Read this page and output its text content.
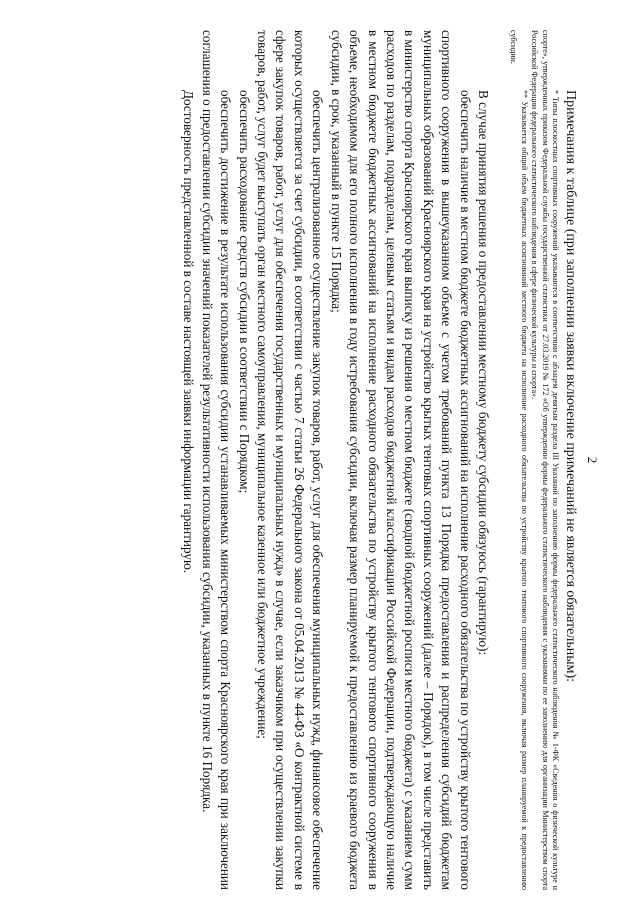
2
Примечания к таблице (при заполнении заявки включение примечаний не является обязательным):

* Типы плоскостных спортивных сооружений указываются в соответствии с абзацем девятым раздела III Указаний по заполнению формы федерального статистического наблюдения № 1-ФК «Сведения о физической культуре и спорте», утвержденных приказом Федеральной службы государственной статистики от 27.03.2019 № 172 «Об утверждении формы федерального статистического наблюдения с указаниями по ее заполнению для организации Министерством спорта Российской Федерации федерального статистического наблюдения в сфере физической культуры и спорта».

** Указывается общий объем бюджетных ассигнований местного бюджета на исполнение расходного обязательства по устройству крытого тентового спортивного сооружения, включая размер планируемой к предоставлению субсидии.

В случае принятия решения о предоставлении местному бюджету субсидии обязуюсь (гарантирую):

обеспечить наличие в местном бюджете бюджетных ассигнований на исполнение расходного обязательства по устройству крытого тентового спортивного сооружения в вышеуказанном объеме с учетом требований пункта 13 Порядка предоставления и распределения субсидий бюджетам муниципальных образований Красноярского края на устройство крытых тентовых спортивных сооружений (далее – Порядок), в том числе представить в министерство спорта Красноярского края выписку из решения о местном бюджете (сводной бюджетной росписи местного бюджета) с указанием сумм расходов по разделам, подразделам, целевым статьям и видам расходов бюджетной классификации Российской Федерации, подтверждающую наличие в местном бюджете бюджетных ассигнований на исполнение расходного обязательства по устройству крытого тентового спортивного сооружения в объеме, необходимом для его полного исполнения в году истребования субсидии, включая размер планируемой к предоставлению из краевого бюджета субсидии, в срок, указанный в пункте 15 Порядка;

обеспечить централизованное осуществление закупок товаров, работ, услуг для обеспечения муниципальных нужд, финансовое обеспечение которых осуществляется за счет субсидии, в соответствии с частью 7 статьи 26 Федерального закона от 05.04.2013 № 44-ФЗ «О контрактной системе в сфере закупок товаров, работ, услуг для обеспечения государственных и муниципальных нужд» в случае, если заказчиком при осуществлении закупки товаров, работ, услуг будет выступать орган местного самоуправления, муниципальное казенное или бюджетное учреждение;

обеспечить расходование средств субсидии в соответствии с Порядком;

обеспечить достижение в результате использования субсидии устанавливаемых министерством спорта Красноярского края при заключении соглашения о предоставлении субсидии значений показателей результативности использования субсидии, указанных в пункте 16 Порядка.

Достоверность представленной в составе настоящей заявки информации гарантирую.
